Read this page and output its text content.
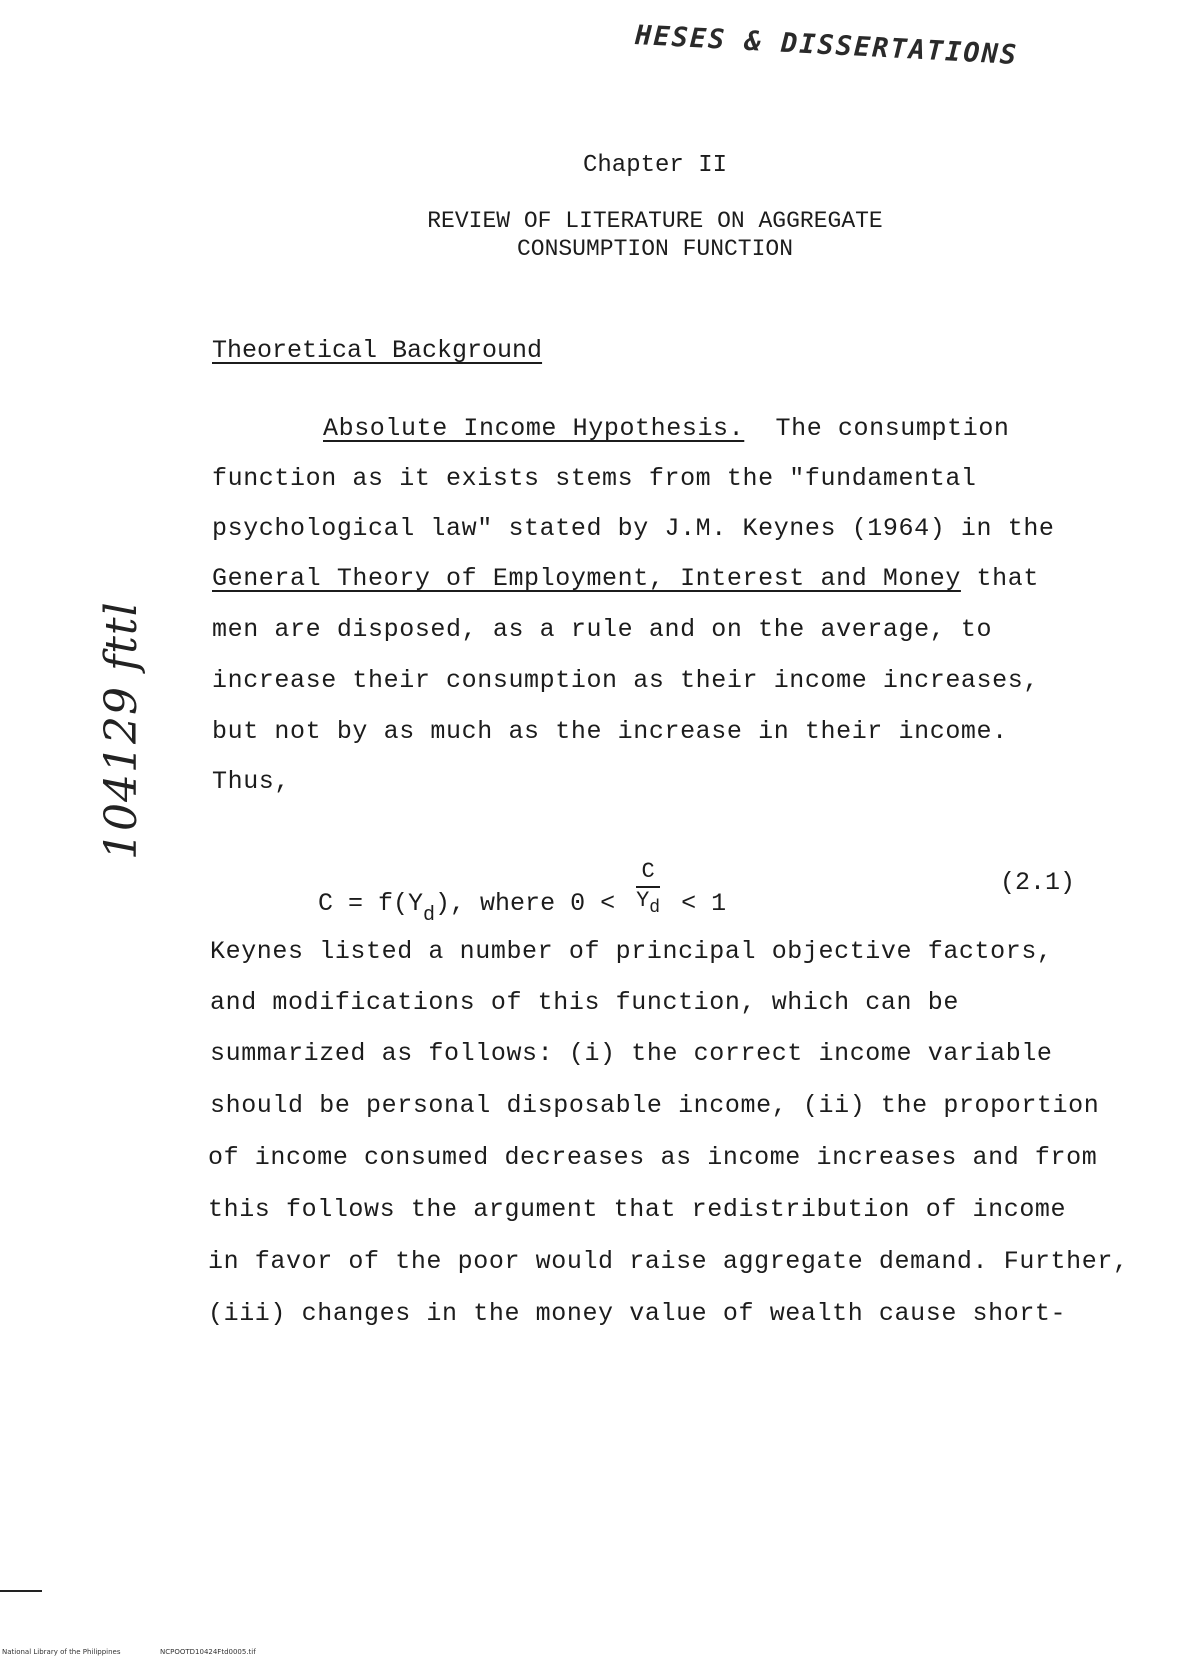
HESES & DISSERTATIONS
Chapter II
REVIEW OF LITERATURE ON AGGREGATE
CONSUMPTION FUNCTION
Theoretical Background
Absolute Income Hypothesis.  The consumption
function as it exists stems from the "fundamental
psychological law" stated by J.M. Keynes (1964) in the
General Theory of Employment, Interest and Money that
men are disposed, as a rule and on the average, to
increase their consumption as their income increases,
but not by as much as the increase in their income.
Thus,
$C = f(Y_d)$, where $0 < \frac{C}{Y_d} < 1$
(2.1)
Keynes listed a number of principal objective factors,
and modifications of this function, which can be
summarized as follows: (i) the correct income variable
should be personal disposable income, (ii) the proportion
of income consumed decreases as income increases and from
this follows the argument that redistribution of income
in favor of the poor would raise aggregate demand. Further,
(iii) changes in the money value of wealth cause short-
104129 fttl
National Library of the Philippines	NCPOOTD10424Ftd0005.tif
